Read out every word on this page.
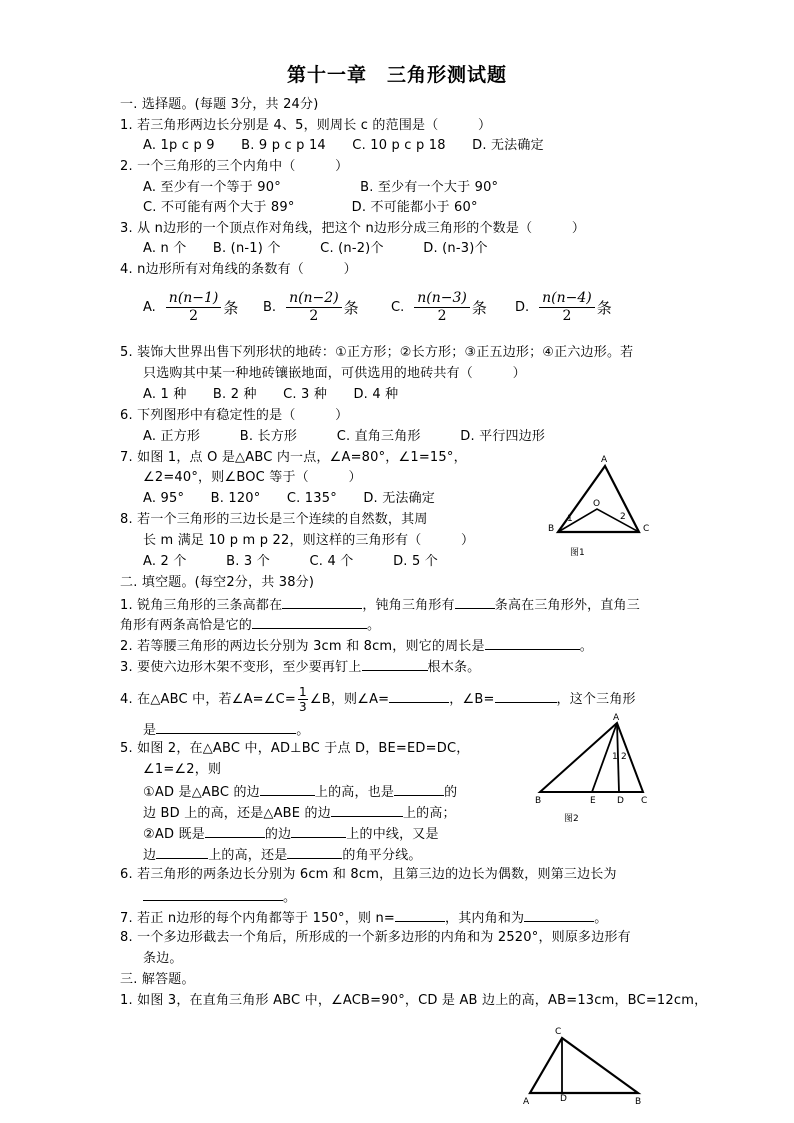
第十一章　三角形测试题
一. 选择题。(每题 3分，共 24分)
1. 若三角形两边长分别是 4、5，则周长 c 的范围是（　　　）
A. 1p c p 9　　B. 9 p c p 14　　C. 10 p c p 18　　D. 无法确定
2. 一个三角形的三个内角中（　　　）
A. 至少有一个等于 90°　　　　　　B. 至少有一个大于 90°
C. 不可能有两个大于 89°　　　　 D. 不可能都小于 60°
3. 从 n边形的一个顶点作对角线，把这个 n边形分成三角形的个数是（　　　）
A. n 个　　B. (n-1) 个　　　C. (n-2)个　　　D. (n-3)个
4. n边形所有对角线的条数有（　　　）
A. $\frac{n(n-1)}{2}$ 条 B. $\frac{n(n-2)}{2}$ 条 C. $\frac{n(n-3)}{2}$ 条 D. $\frac{n(n-4)}{2}$ 条
5. 装饰大世界出售下列形状的地砖：①正方形；②长方形；③正五边形；④正六边形。若
只选购其中某一种地砖镶嵌地面，可供选用的地砖共有（　　　）
A. 1 种　　B. 2 种　　C. 3 种　　D. 4 种
6. 下列图形中有稳定性的是（　　　）
A. 正方形　　　B. 长方形　　　C. 直角三角形　　　D. 平行四边形
7. 如图 1，点 O 是△ABC 内一点，∠A=80°，∠1=15°，
∠2=40°，则∠BOC 等于（　　　）
A. 95°　　B. 120°　　C. 135°　　D. 无法确定
8. 若一个三角形的三边长是三个连续的自然数，其周
长 m 满足 10 p m p 22，则这样的三角形有（　　　）
A. 2 个　　　B. 3 个　　　C. 4 个　　　D. 5 个
A
B	C
O
1	2
图1
二. 填空题。(每空2分，共 38分)
1. 锐角三角形的三条高都在	，钝角三角形有	条高在三角形外，直角三
角形有两条高恰是它的	。
2. 若等腰三角形的两边长分别为 3cm 和 8cm，则它的周长是	。
3. 要使六边形木架不变形，至少要再钉上	根木条。
4. 在△ABC 中，若∠A=∠C= $\frac{1}{3}$ ∠B，则∠A=	，∠B=	，这个三角形
是	。
5. 如图 2，在△ABC 中，AD⊥BC 于点 D，BE=ED=DC，
∠1=∠2，则
①AD 是△ABC 的边	上的高，也是	的
边 BD 上的高，还是△ABE 的边	上的高；
②AD 既是	的边	上的中线，又是
边	上的高，还是	的角平分线。
A
B	E D C
1 2
图2
6. 若三角形的两条边长分别为 6cm 和 8cm，且第三边的边长为偶数，则第三边长为
。
7. 若正 n边形的每个内角都等于 150°，则 n=	，其内角和为	。
8. 一个多边形截去一个角后，所形成的一个新多边形的内角和为 2520°，则原多边形有
条边。
三. 解答题。
1. 如图 3，在直角三角形 ABC 中，∠ACB=90°，CD 是 AB 边上的高，AB=13cm，BC=12cm，
C
A	D	B
